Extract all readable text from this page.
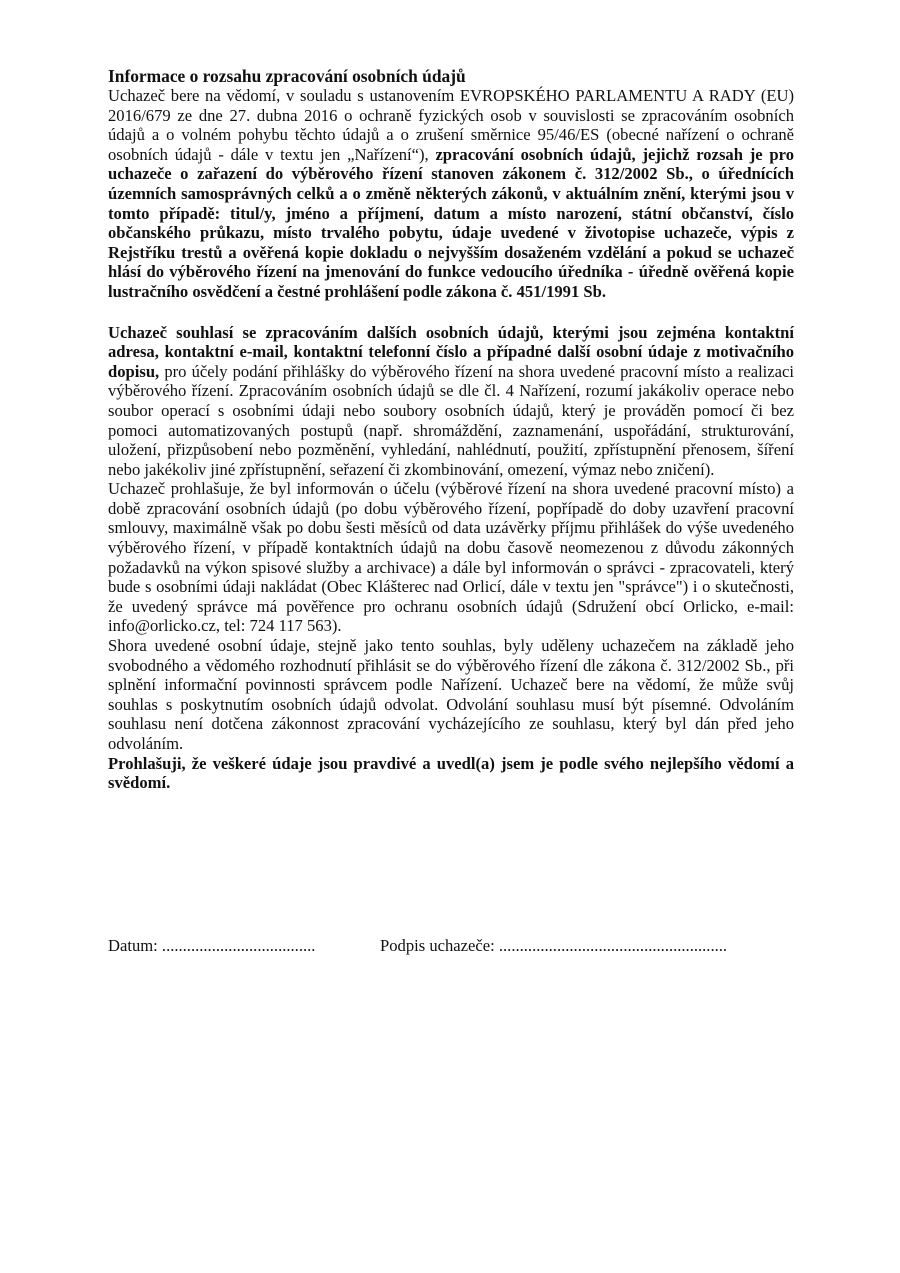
Informace o rozsahu zpracování osobních údajů

Uchazeč bere na vědomí, v souladu s ustanovením EVROPSKÉHO PARLAMENTU A RADY (EU) 2016/679 ze dne 27. dubna 2016 o ochraně fyzických osob v souvislosti se zpracováním osobních údajů a o volném pohybu těchto údajů a o zrušení směrnice 95/46/ES (obecné nařízení o ochraně osobních údajů - dále v textu jen „Nařízení“), zpracování osobních údajů, jejichž rozsah je pro uchazeče o zařazení do výběrového řízení stanoven zákonem č. 312/2002 Sb., o úřednících územních samosprávných celků a o změně některých zákonů, v aktuálním znění, kterými jsou v tomto případě: titul/y, jméno a příjmení, datum a místo narození, státní občanství, číslo občanského průkazu, místo trvalého pobytu, údaje uvedené v životopise uchazeče, výpis z Rejstříku trestů a ověřená kopie dokladu o nejvyšším dosaženém vzdělání a pokud se uchazeč hlásí do výběrového řízení na jmenování do funkce vedoucího úředníka - úředně ověřená kopie lustračního osvědčení a čestné prohlášení podle zákona č. 451/1991 Sb.

Uchazeč souhlasí se zpracováním dalších osobních údajů, kterými jsou zejména kontaktní adresa, kontaktní e-mail, kontaktní telefonní číslo a případné další osobní údaje z motivačního dopisu, pro účely podání přihlášky do výběrového řízení na shora uvedené pracovní místo a realizaci výběrového řízení. Zpracováním osobních údajů se dle čl. 4 Nařízení, rozumí jakákoliv operace nebo soubor operací s osobními údaji nebo soubory osobních údajů, který je prováděn pomocí či bez pomoci automatizovaných postupů (např. shromáždění, zaznamenání, uspořádání, strukturování, uložení, přizpůsobení nebo pozměnění, vyhledání, nahlédnutí, použití, zpřístupnění přenosem, šíření nebo jakékoliv jiné zpřístupnění, seřazení či zkombinování, omezení, výmaz nebo zničení).

Uchazeč prohlašuje, že byl informován o účelu (výběrové řízení na shora uvedené pracovní místo) a době zpracování osobních údajů (po dobu výběrového řízení, popřípadě do doby uzavření pracovní smlouvy, maximálně však po dobu šesti měsíců od data uzávěrky příjmu přihlášek do výše uvedeného výběrového řízení, v případě kontaktních údajů na dobu časově neomezenou z důvodu zákonných požadavků na výkon spisové služby a archivace) a dále byl informován o správci - zpracovateli, který bude s osobními údaji nakládat (Obec Klášterec nad Orlicí, dále v textu jen "správce") i o skutečnosti, že uvedený správce má pověřence pro ochranu osobních údajů (Sdružení obcí Orlicko, e-mail: info@orlicko.cz, tel: 724 117 563).

Shora uvedené osobní údaje, stejně jako tento souhlas, byly uděleny uchazečem na základě jeho svobodného a vědomého rozhodnutí přihlásit se do výběrového řízení dle zákona č. 312/2002 Sb., při splnění informační povinnosti správcem podle Nařízení. Uchazeč bere na vědomí, že může svůj souhlas s poskytnutím osobních údajů odvolat. Odvolání souhlasu musí být písemné. Odvoláním souhlasu není dotčena zákonnost zpracování vycházejícího ze souhlasu, který byl dán před jeho odvoláním.

Prohlašuji, že veškeré údaje jsou pravdivé a uvedl(a) jsem je podle svého nejlepšího vědomí a svědomí.

Datum: .....................................	Podpis uchazeče: .......................................................
